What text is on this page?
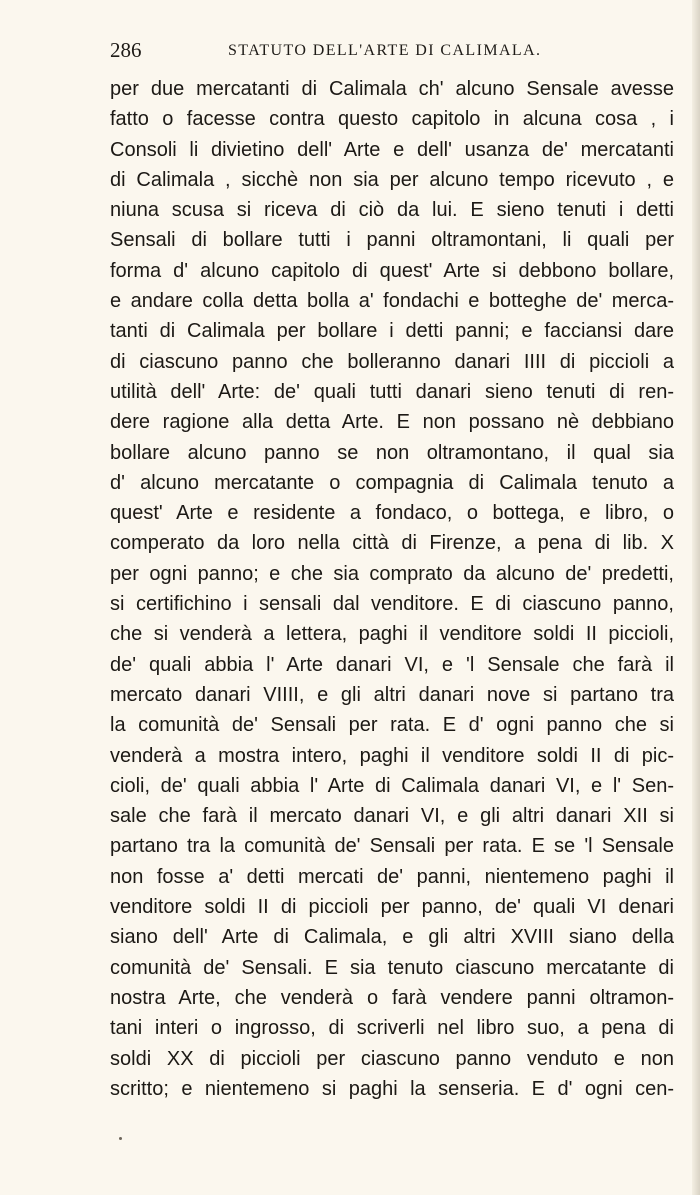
286	STATUTO DELL'ARTE DI CALIMALA.
per due mercatanti di Calimala ch' alcuno Sensale avesse
fatto o facesse contra questo capitolo in alcuna cosa , i
Consoli li divietino dell' Arte e dell' usanza de' mercatanti
di Calimala , sicchè non sia per alcuno tempo ricevuto , e
niuna scusa si riceva di ciò da lui. E sieno tenuti i detti
Sensali di bollare tutti i panni oltramontani, li quali per
forma d' alcuno capitolo di quest' Arte si debbono bollare,
e andare colla detta bolla a' fondachi e botteghe de' merca-
tanti di Calimala per bollare i detti panni; e facciansi dare
di ciascuno panno che bolleranno danari IIII di piccioli a
utilità dell' Arte: de' quali tutti danari sieno tenuti di ren-
dere ragione alla detta Arte. E non possano nè debbiano
bollare alcuno panno se non oltramontano, il qual sia
d' alcuno mercatante o compagnia di Calimala tenuto a
quest' Arte e residente a fondaco, o bottega, e libro, o
comperato da loro nella città di Firenze, a pena di lib. X
per ogni panno; e che sia comprato da alcuno de' predetti,
si certifichino i sensali dal venditore. E di ciascuno panno,
che si venderà a lettera, paghi il venditore soldi II piccioli,
de' quali abbia l' Arte danari VI, e 'l Sensale che farà il
mercato danari VIIII, e gli altri danari nove si partano tra
la comunità de' Sensali per rata. E d' ogni panno che si
venderà a mostra intero, paghi il venditore soldi II di pic-
cioli, de' quali abbia l' Arte di Calimala danari VI, e l' Sen-
sale che farà il mercato danari VI, e gli altri danari XII si
partano tra la comunità de' Sensali per rata. E se 'l Sensale
non fosse a' detti mercati de' panni, nientemeno paghi il
venditore soldi II di piccioli per panno, de' quali VI denari
siano dell' Arte di Calimala, e gli altri XVIII siano della
comunità de' Sensali. E sia tenuto ciascuno mercatante di
nostra Arte, che venderà o farà vendere panni oltramon-
tani interi o ingrosso, di scriverli nel libro suo, a pena di
soldi XX di piccioli per ciascuno panno venduto e non
scritto; e nientemeno si paghi la senseria. E d' ogni cen-
